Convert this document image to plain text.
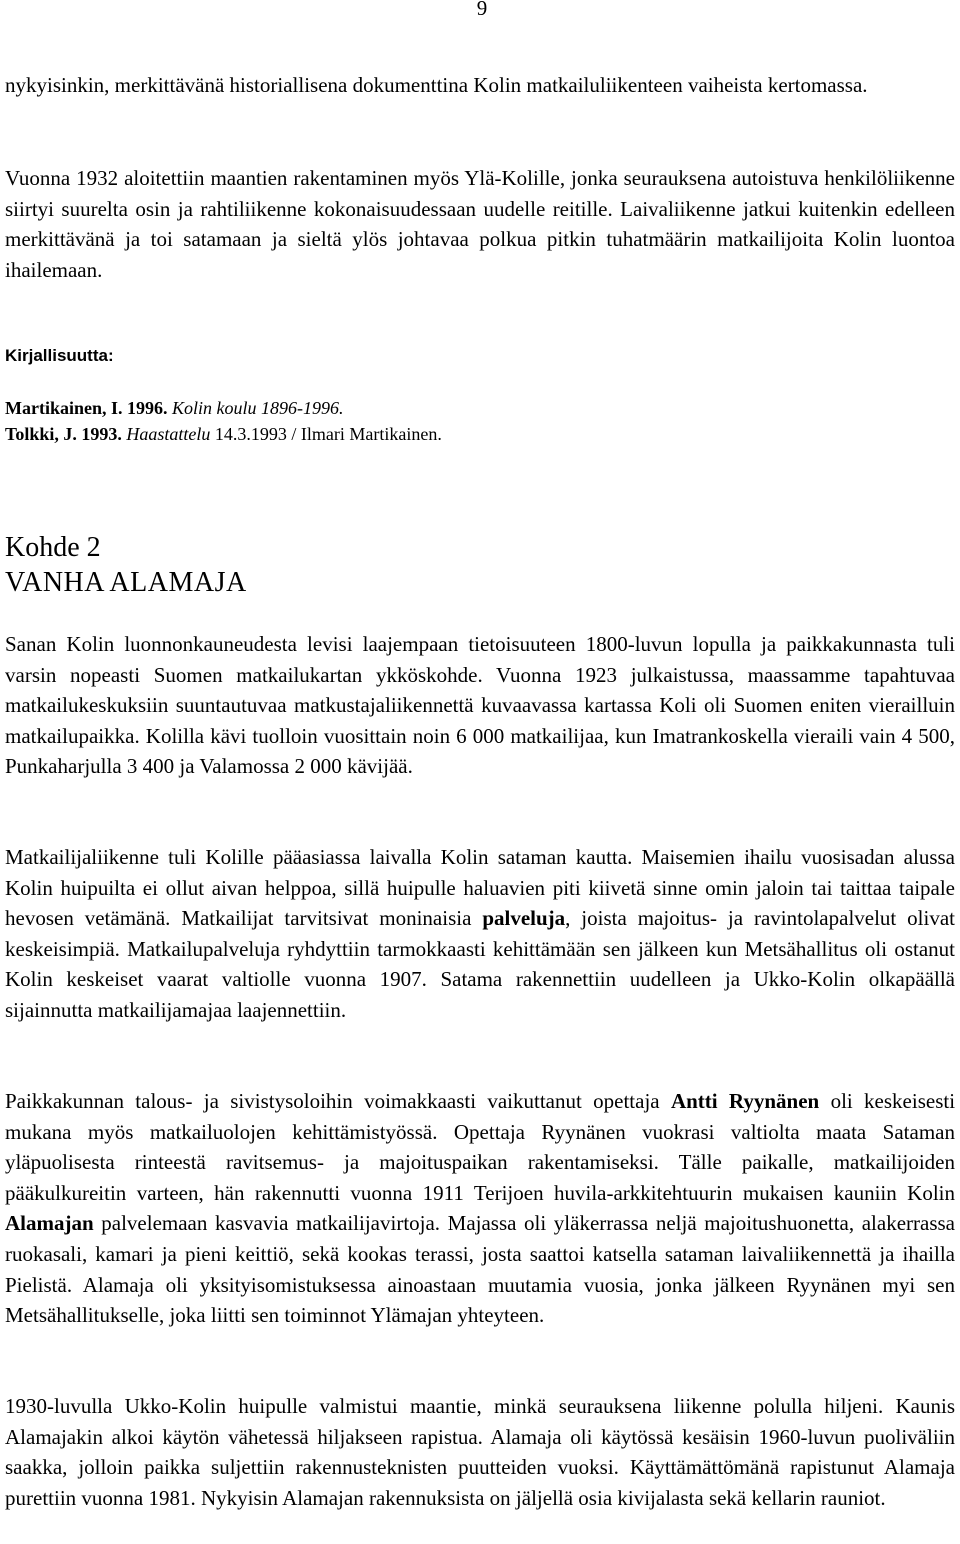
9

nykyisinkin, merkittävänä historiallisena dokumenttina Kolin matkailuliikenteen vaiheista kertomassa.

Vuonna 1932 aloitettiin maantien rakentaminen myös Ylä-Kolille, jonka seurauksena autoistuva henkilöliikenne siirtyi suurelta osin ja rahtiliikenne kokonaisuudessaan uudelle reitille. Laivaliikenne jatkui kuitenkin edelleen merkittävänä ja toi satamaan ja sieltä ylös johtavaa polkua pitkin tuhatmäärin matkailijoita Kolin luontoa ihailemaan.

Kirjallisuutta:
Martikainen, I. 1996. Kolin koulu 1896-1996.
Tolkki, J. 1993. Haastattelu 14.3.1993 / Ilmari Martikainen.
Kohde 2
VANHA ALAMAJA

Sanan Kolin luonnonkauneudesta levisi laajempaan tietoisuuteen 1800-luvun lopulla ja paikkakunnasta tuli varsin nopeasti Suomen matkailukartan ykköskohde. Vuonna 1923 julkaistussa, maassamme tapahtuvaa matkailukeskuksiin suuntautuvaa matkustajaliikennettä kuvaavassa kartassa Koli oli Suomen eniten vierailluin matkailupaikka. Kolilla kävi tuolloin vuosittain noin 6 000 matkailijaa, kun Imatrankoskella vieraili vain 4 500, Punkaharjulla 3 400 ja Valamossa 2 000 kävijää.

Matkailijaliikenne tuli Kolille pääasiassa laivalla Kolin sataman kautta. Maisemien ihailu vuosisadan alussa Kolin huipuilta ei ollut aivan helppoa, sillä huipulle haluavien piti kiivetä sinne omin jaloin tai taittaa taipale hevosen vetämänä. Matkailijat tarvitsivat moninaisia palveluja, joista majoitus- ja ravintolapalvelut olivat keskeisimpiä. Matkailupalveluja ryhdyttiin tarmokkaasti kehittämään sen jälkeen kun Metsähallitus oli ostanut Kolin keskeiset vaarat valtiolle vuonna 1907. Satama rakennettiin uudelleen ja Ukko-Kolin olkapäällä sijainnutta matkailijamajaa laajennettiin.

Paikkakunnan talous- ja sivistysoloihin voimakkaasti vaikuttanut opettaja Antti Ryynänen oli keskeisesti mukana myös matkailuolojen kehittämistyössä. Opettaja Ryynänen vuokrasi valtiolta maata Sataman yläpuolisesta rinteestä ravitsemus- ja majoituspaikan rakentamiseksi. Tälle paikalle, matkailijoiden pääkulkureitin varteen, hän rakennutti vuonna 1911 Terijoen huvila-arkkitehtuurin mukaisen kauniin Kolin Alamajan palvelemaan kasvavia matkailijavirtoja. Majassa oli yläkerrassa neljä majoitushuonetta, alakerrassa ruokasali, kamari ja pieni keittiö, sekä kookas terassi, josta saattoi katsella sataman laivaliikennettä ja ihailla Pielistä. Alamaja oli yksityisomistuksessa ainoastaan muutamia vuosia, jonka jälkeen Ryynänen myi sen Metsähallitukselle, joka liitti sen toiminnot Ylämajan yhteyteen.

1930-luvulla Ukko-Kolin huipulle valmistui maantie, minkä seurauksena liikenne polulla hiljeni. Kaunis Alamajakin alkoi käytön vähetessä hiljakseen rapistua. Alamaja oli käytössä kesäisin 1960-luvun puoliväliin saakka, jolloin paikka suljettiin rakennusteknisten puutteiden vuoksi. Käyttämättömänä rapistunut Alamaja purettiin vuonna 1981. Nykyisin Alamajan rakennuksista on jäljellä osia kivijalasta sekä kellarin rauniot.
